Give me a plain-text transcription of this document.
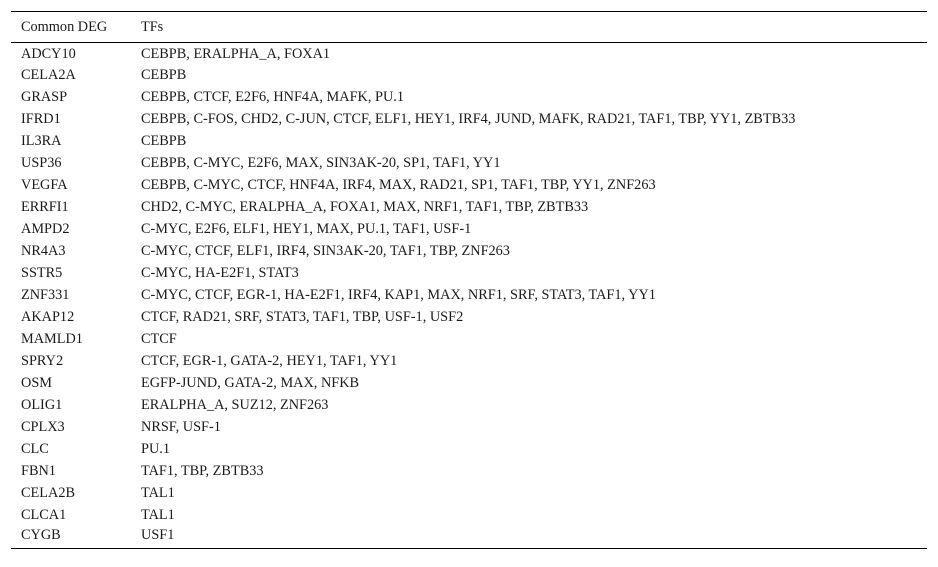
Common DEG	TFs
ADCY10	CEBPB, ERALPHA_A, FOXA1
CELA2A	CEBPB
GRASP	CEBPB, CTCF, E2F6, HNF4A, MAFK, PU.1
IFRD1	CEBPB, C-FOS, CHD2, C-JUN, CTCF, ELF1, HEY1, IRF4, JUND, MAFK, RAD21, TAF1, TBP, YY1, ZBTB33
IL3RA	CEBPB
USP36	CEBPB, C-MYC, E2F6, MAX, SIN3AK-20, SP1, TAF1, YY1
VEGFA	CEBPB, C-MYC, CTCF, HNF4A, IRF4, MAX, RAD21, SP1, TAF1, TBP, YY1, ZNF263
ERRFI1	CHD2, C-MYC, ERALPHA_A, FOXA1, MAX, NRF1, TAF1, TBP, ZBTB33
AMPD2	C-MYC, E2F6, ELF1, HEY1, MAX, PU.1, TAF1, USF-1
NR4A3	C-MYC, CTCF, ELF1, IRF4, SIN3AK-20, TAF1, TBP, ZNF263
SSTR5	C-MYC, HA-E2F1, STAT3
ZNF331	C-MYC, CTCF, EGR-1, HA-E2F1, IRF4, KAP1, MAX, NRF1, SRF, STAT3, TAF1, YY1
AKAP12	CTCF, RAD21, SRF, STAT3, TAF1, TBP, USF-1, USF2
MAMLD1	CTCF
SPRY2	CTCF, EGR-1, GATA-2, HEY1, TAF1, YY1
OSM	EGFP-JUND, GATA-2, MAX, NFKB
OLIG1	ERALPHA_A, SUZ12, ZNF263
CPLX3	NRSF, USF-1
CLC	PU.1
FBN1	TAF1, TBP, ZBTB33
CELA2B	TAL1
CLCA1	TAL1
CYGB	USF1
